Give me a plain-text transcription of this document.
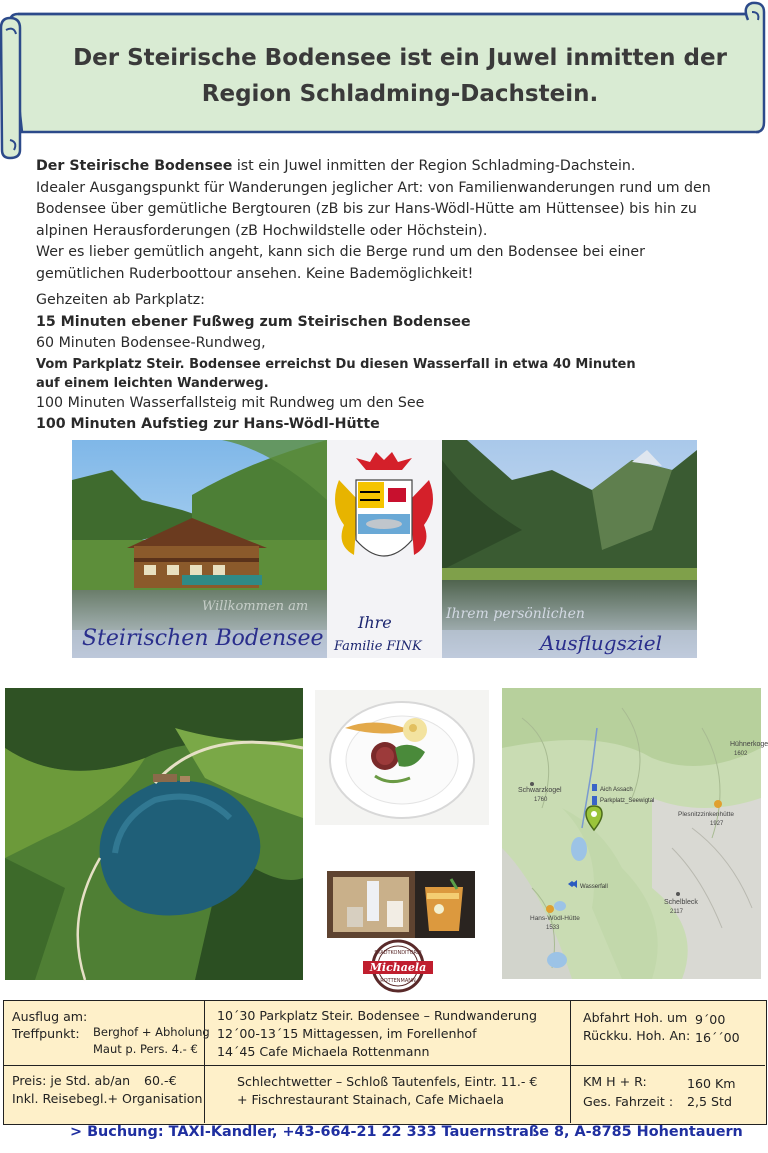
Der Steirische Bodensee ist ein Juwel inmitten der
Region Schladming-Dachstein.
Der Steirische Bodensee ist ein Juwel inmitten der Region Schladming-Dachstein.
Idealer Ausgangspunkt für Wanderungen jeglicher Art: von Familienwanderungen rund um den
Bodensee über gemütliche Bergtouren (zB bis zur Hans-Wödl-Hütte am Hüttensee) bis hin zu
alpinen Herausforderungen (zB Hochwildstelle oder Höchstein).
Wer es lieber gemütlich angeht, kann sich die Berge rund um den Bodensee bei einer
gemütlichen Ruderboottour ansehen. Keine Bademöglichkeit!
Gehzeiten ab Parkplatz:
15 Minuten ebener Fußweg zum Steirischen Bodensee
60 Minuten Bodensee-Rundweg,
Vom Parkplatz Steir. Bodensee erreichst Du diesen Wasserfall in etwa 40 Minuten
auf einem leichten Wanderweg.
100 Minuten Wasserfallsteig mit Rundweg um den See
100 Minuten Aufstieg zur Hans-Wödl-Hütte
Ihre
Familie FINK
Steirischen Bodensee
Willkommen am	Ihrem persönlichen
Ausflugsziel
STADTKONDITOREI
Michaela
ROTTENMANN
Hühnerkoge
1602
Schwarzkogel
1760
Aich Assach
Parkplatz_Seewigtal
Plesnitzzinkenhütte
1927
Wasserfall
Schelbleck
2117
Hans-Wödl-Hütte
1533
Ausflug am:
Treffpunkt: Berghof + Abholung
Maut p. Pers. 4.- €
10´30 Parkplatz Steir. Bodensee – Rundwanderung
12´00-13´15 Mittagessen, im Forellenhof
14´45 Cafe Michaela Rottenmann
Abfahrt Hoh. um 9´00
Rückku. Hoh. An: 16´´00
Preis: je Std. ab/an 60.-€
Inkl. Reisebegl.+ Organisation
Schlechtwetter – Schloß Tautenfels, Eintr. 11.- €
+ Fischrestaurant Stainach, Cafe Michaela
KM H + R:	160 Km
Ges. Fahrzeit : 2,5 Std
> Buchung: TAXI-Kandler, +43-664-21 22 333 Tauernstraße 8, A-8785 Hohentauern
